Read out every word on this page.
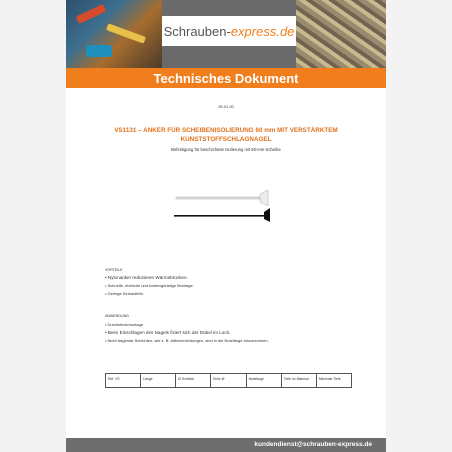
Schrauben- express.de
Technisches Dokument
25.01.20
VS1131 – ANKER FÜR SCHEIBENISOLIERUNG 60 mm MIT VERSTÄRKTEM
KUNSTSTOFFSCHLAGNAGEL
Befestigung für beschichtete Isolierung mit 60-mm-Scheibe
VORTEILE
• Nylonanker reduzieren Wärmebrücken.
• Schnelle, einfache und kostengünstige Montage.
• Geringe Einbautiefe.
ANWENDUNG
• Durchsteckmontage
• Beim Einschlagen des Nagels fiziert sich der Dübel im Loch.
• Nicht tragende Schichten, wie z. B. Altbeschichtungen, sind in die Nutzlänge einzurechnen.
Ref. VS	Länge	Ø Scheibe	Bohr-Ø	Nutzlänge	Tiefe im Material	Minimale Tiefe
kundendienst@schrauben-express.de
